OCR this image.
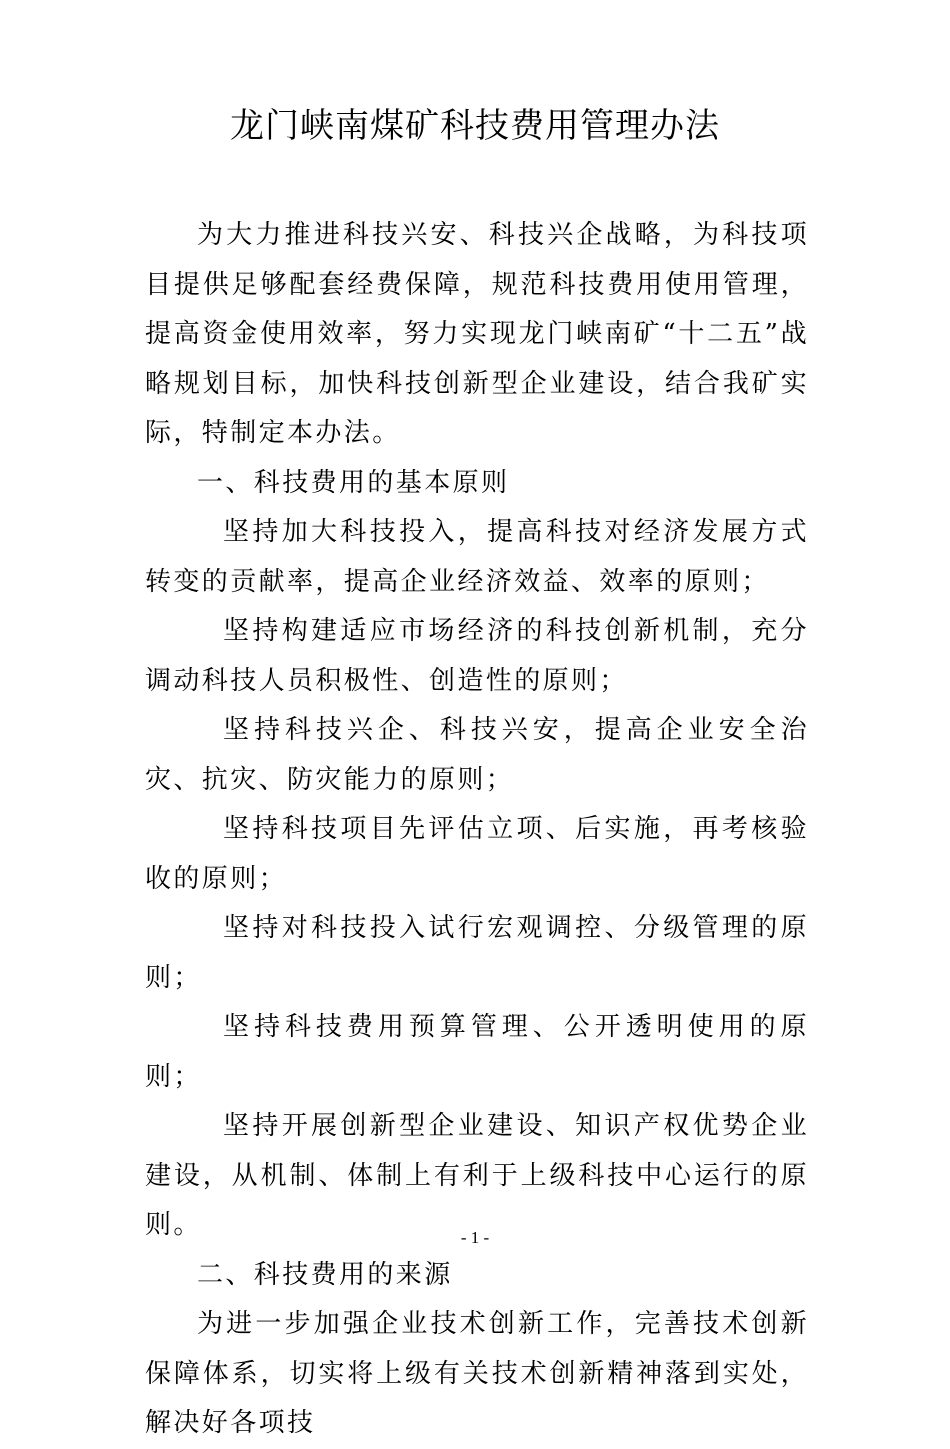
龙门峡南煤矿科技费用管理办法

为大力推进科技兴安、科技兴企战略，为科技项目提供足够配套经费保障，规范科技费用使用管理，提高资金使用效率，努力实现龙门峡南矿“十二五”战略规划目标，加快科技创新型企业建设，结合我矿实际，特制定本办法。

一、科技费用的基本原则

坚持加大科技投入，提高科技对经济发展方式转变的贡献率，提高企业经济效益、效率的原则；

坚持构建适应市场经济的科技创新机制，充分调动科技人员积极性、创造性的原则；

坚持科技兴企、科技兴安，提高企业安全治灾、抗灾、防灾能力的原则；

坚持科技项目先评估立项、后实施，再考核验收的原则；

坚持对科技投入试行宏观调控、分级管理的原则；

坚持科技费用预算管理、公开透明使用的原则；

坚持开展创新型企业建设、知识产权优势企业建设，从机制、体制上有利于上级科技中心运行的原则。

二、科技费用的来源

为进一步加强企业技术创新工作，完善技术创新保障体系，切实将上级有关技术创新精神落到实处，解决好各项技

- 1 -
